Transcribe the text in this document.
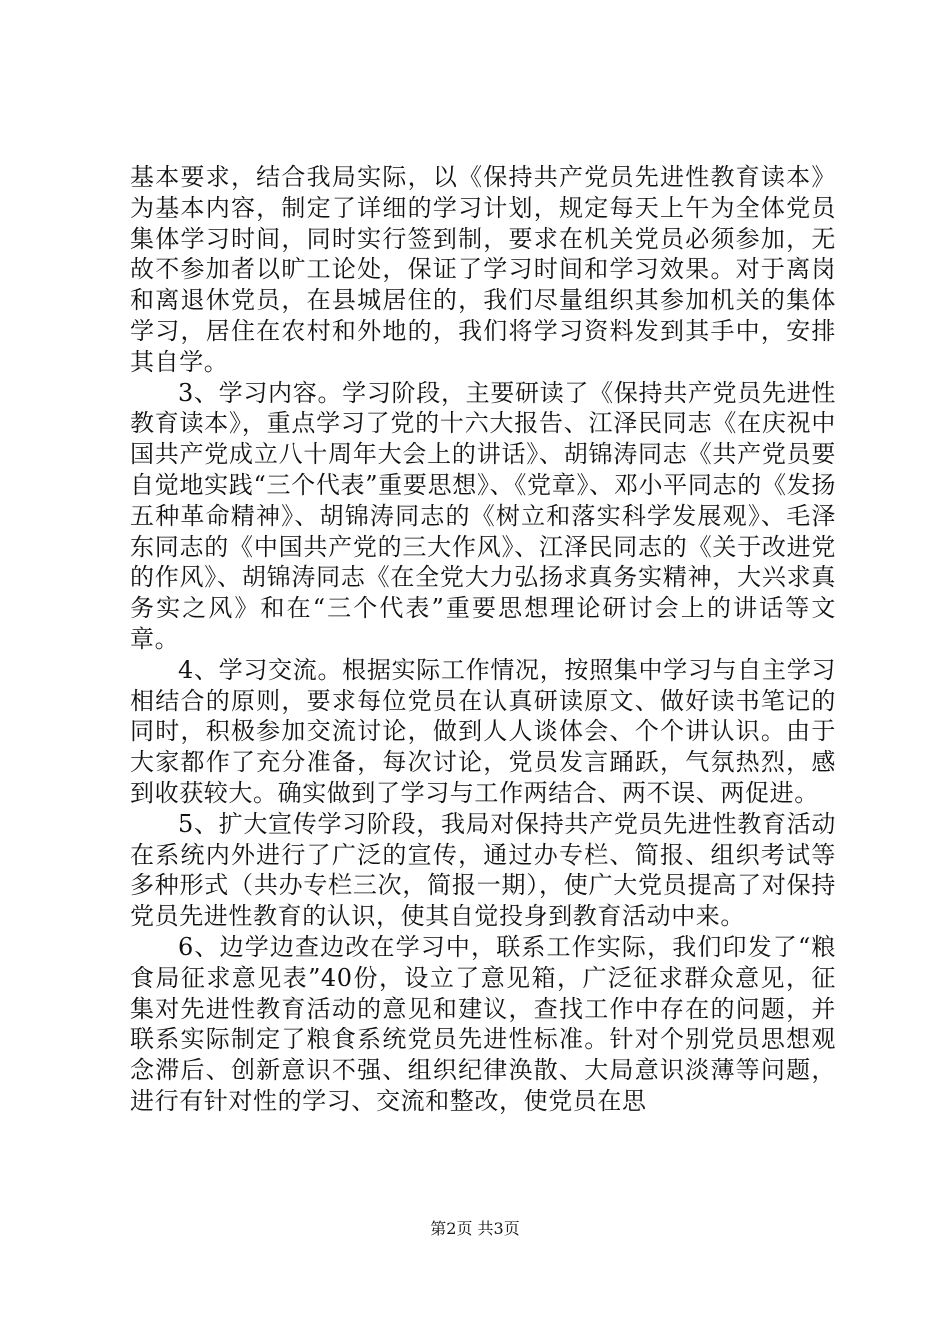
基本要求，结合我局实际，以《保持共产党员先进性教育读本》为基本内容，制定了详细的学习计划，规定每天上午为全体党员集体学习时间，同时实行签到制，要求在机关党员必须参加，无故不参加者以旷工论处，保证了学习时间和学习效果。对于离岗和离退休党员，在县城居住的，我们尽量组织其参加机关的集体学习，居住在农村和外地的，我们将学习资料发到其手中，安排其自学。

3、学习内容。学习阶段，主要研读了《保持共产党员先进性教育读本》，重点学习了党的十六大报告、江泽民同志《在庆祝中国共产党成立八十周年大会上的讲话》、胡锦涛同志《共产党员要自觉地实践“三个代表”重要思想》、《党章》、邓小平同志的《发扬五种革命精神》、胡锦涛同志的《树立和落实科学发展观》、毛泽东同志的《中国共产党的三大作风》、江泽民同志的《关于改进党的作风》、胡锦涛同志《在全党大力弘扬求真务实精神，大兴求真务实之风》和在“三个代表”重要思想理论研讨会上的讲话等文章。

4、学习交流。根据实际工作情况，按照集中学习与自主学习相结合的原则，要求每位党员在认真研读原文、做好读书笔记的同时，积极参加交流讨论，做到人人谈体会、个个讲认识。由于大家都作了充分准备，每次讨论，党员发言踊跃，气氛热烈，感到收获较大。确实做到了学习与工作两结合、两不误、两促进。

5、扩大宣传学习阶段，我局对保持共产党员先进性教育活动在系统内外进行了广泛的宣传，通过办专栏、简报、组织考试等多种形式（共办专栏三次，简报一期），使广大党员提高了对保持党员先进性教育的认识，使其自觉投身到教育活动中来。

6、边学边查边改在学习中，联系工作实际，我们印发了“粮食局征求意见表”40份，设立了意见箱，广泛征求群众意见，征集对先进性教育活动的意见和建议，查找工作中存在的问题，并联系实际制定了粮食系统党员先进性标准。针对个别党员思想观念滞后、创新意识不强、组织纪律涣散、大局意识淡薄等问题，进行有针对性的学习、交流和整改，使党员在思

第2页 共3页
